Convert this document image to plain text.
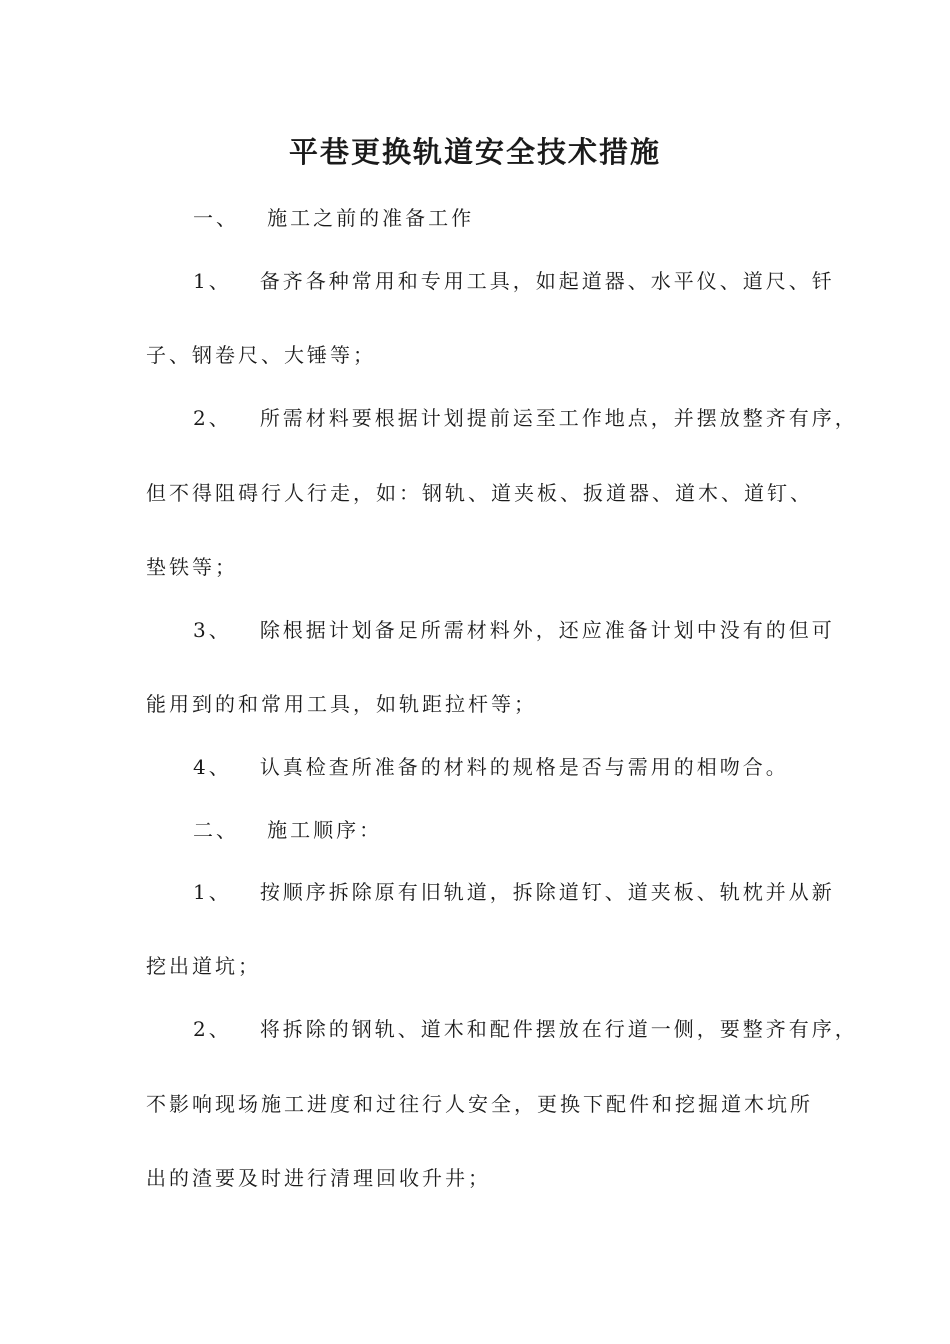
平巷更换轨道安全技术措施
一、 施工之前的准备工作
1、 备齐各种常用和专用工具，如起道器、水平仪、道尺、钎
子、钢卷尺、大锤等；
2、 所需材料要根据计划提前运至工作地点，并摆放整齐有序，
但不得阻碍行人行走，如：钢轨、道夹板、扳道器、道木、道钉、
垫铁等；
3、 除根据计划备足所需材料外，还应准备计划中没有的但可
能用到的和常用工具，如轨距拉杆等；
4、 认真检查所准备的材料的规格是否与需用的相吻合。
二、 施工顺序：
1、 按顺序拆除原有旧轨道，拆除道钉、道夹板、轨枕并从新
挖出道坑；
2、 将拆除的钢轨、道木和配件摆放在行道一侧，要整齐有序，
不影响现场施工进度和过往行人安全，更换下配件和挖掘道木坑所
出的渣要及时进行清理回收升井；
